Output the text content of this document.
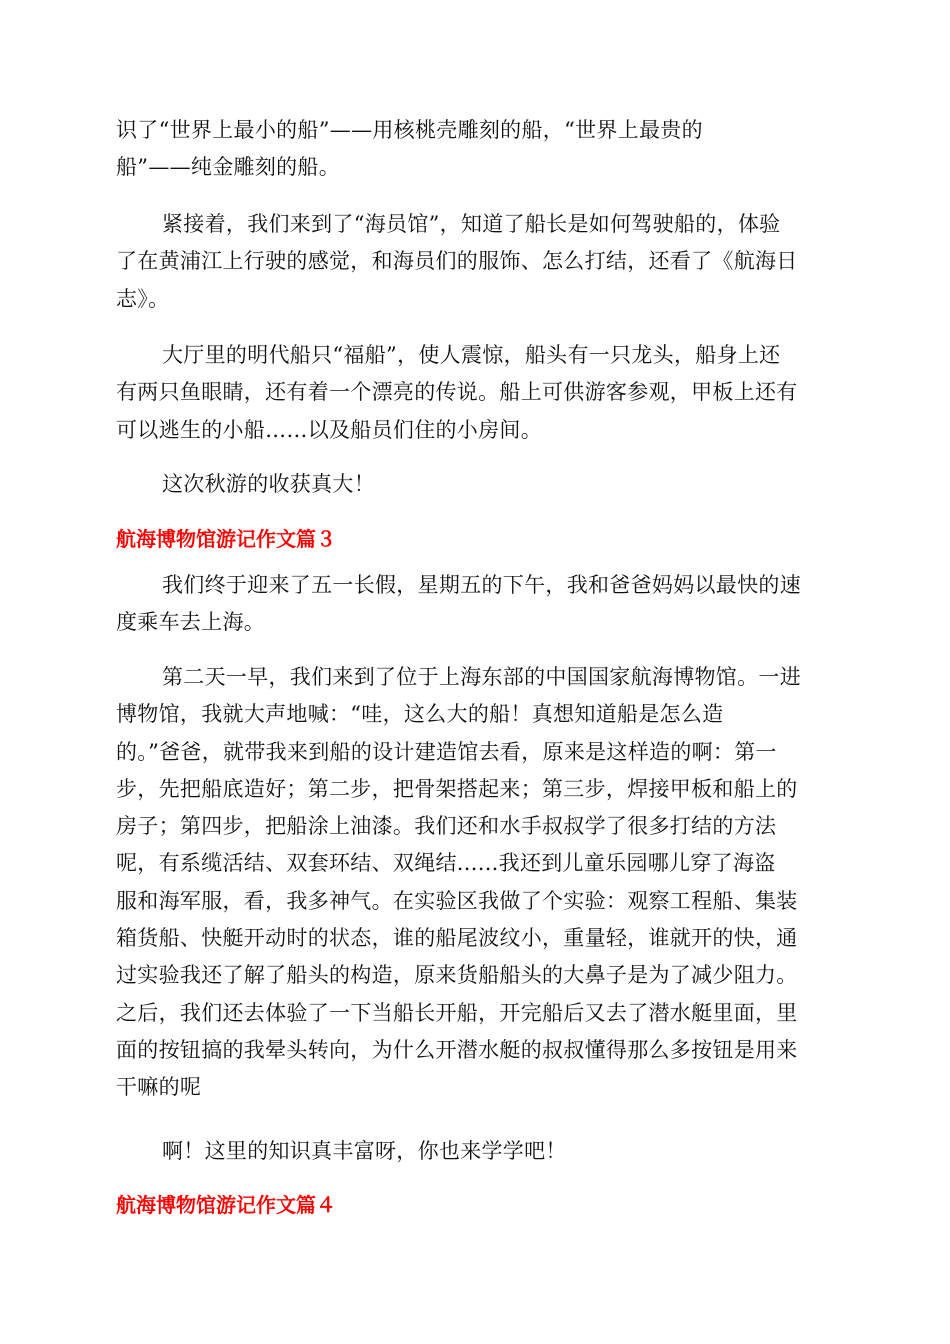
识了“世界上最小的船”——用核桃壳雕刻的船，“世界上最贵的
船”——纯金雕刻的船。
紧接着，我们来到了“海员馆”，知道了船长是如何驾驶船的，体验
了在黄浦江上行驶的感觉，和海员们的服饰、怎么打结，还看了《航海日
志》。
大厅里的明代船只“福船”，使人震惊，船头有一只龙头，船身上还
有两只鱼眼睛，还有着一个漂亮的传说。船上可供游客参观，甲板上还有
可以逃生的小船……以及船员们住的小房间。
这次秋游的收获真大！
航海博物馆游记作文篇３
我们终于迎来了五一长假，星期五的下午，我和爸爸妈妈以最快的速
度乘车去上海。
第二天一早，我们来到了位于上海东部的中国国家航海博物馆。一进
博物馆，我就大声地喊：“哇，这么大的船！真想知道船是怎么造
的。”爸爸，就带我来到船的设计建造馆去看，原来是这样造的啊：第一
步，先把船底造好；第二步，把骨架搭起来；第三步，焊接甲板和船上的
房子；第四步，把船涂上油漆。我们还和水手叔叔学了很多打结的方法
呢，有系缆活结、双套环结、双绳结......我还到儿童乐园哪儿穿了海盗
服和海军服，看，我多神气。在实验区我做了个实验：观察工程船、集装
箱货船、快艇开动时的状态，谁的船尾波纹小，重量轻，谁就开的快，通
过实验我还了解了船头的构造，原来货船船头的大鼻子是为了减少阻力。
之后，我们还去体验了一下当船长开船，开完船后又去了潜水艇里面，里
面的按钮搞的我晕头转向，为什么开潜水艇的叔叔懂得那么多按钮是用来
干嘛的呢
啊！这里的知识真丰富呀，你也来学学吧！
航海博物馆游记作文篇４
